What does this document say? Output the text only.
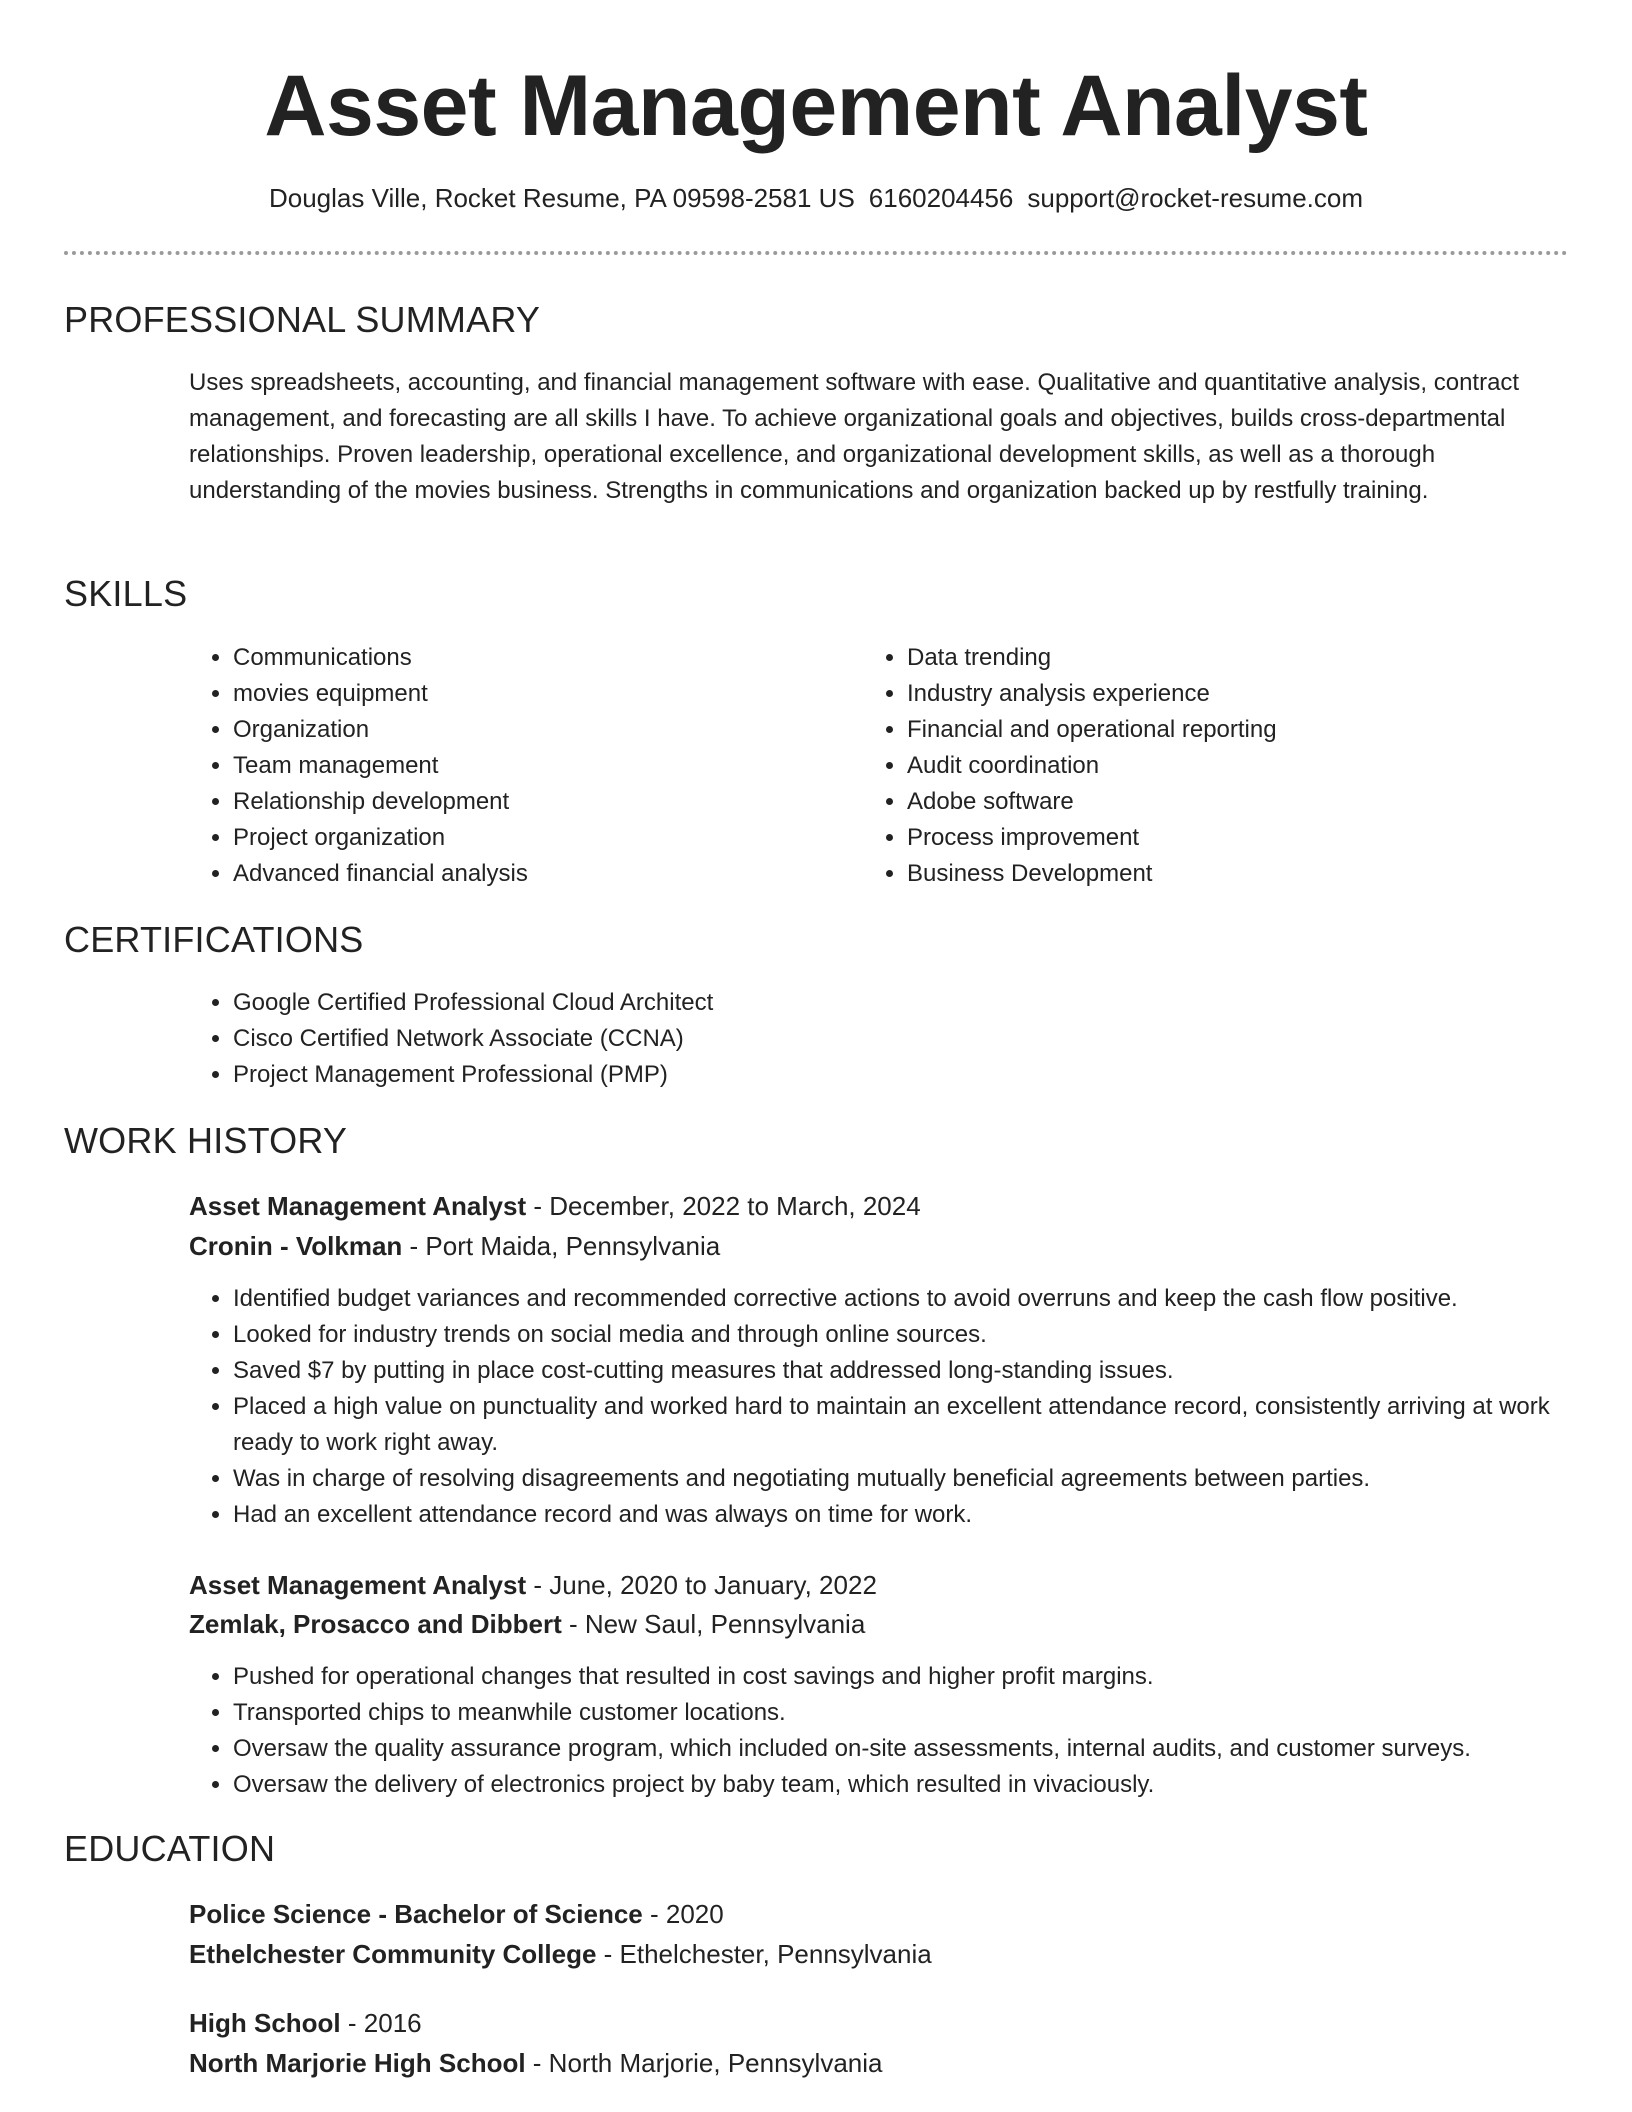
Asset Management Analyst
Douglas Ville, Rocket Resume, PA 09598-2581 US 6160204456 support@rocket-resume.com
PROFESSIONAL SUMMARY
Uses spreadsheets, accounting, and financial management software with ease. Qualitative and quantitative analysis, contract management, and forecasting are all skills I have. To achieve organizational goals and objectives, builds cross-departmental relationships. Proven leadership, operational excellence, and organizational development skills, as well as a thorough understanding of the movies business. Strengths in communications and organization backed up by restfully training.
SKILLS
• Communications
• movies equipment
• Organization
• Team management
• Relationship development
• Project organization
• Advanced financial analysis
• Data trending
• Industry analysis experience
• Financial and operational reporting
• Audit coordination
• Adobe software
• Process improvement
• Business Development
CERTIFICATIONS
• Google Certified Professional Cloud Architect
• Cisco Certified Network Associate (CCNA)
• Project Management Professional (PMP)
WORK HISTORY
Asset Management Analyst - December, 2022 to March, 2024
Cronin - Volkman - Port Maida, Pennsylvania
• Identified budget variances and recommended corrective actions to avoid overruns and keep the cash flow positive.
• Looked for industry trends on social media and through online sources.
• Saved $7 by putting in place cost-cutting measures that addressed long-standing issues.
• Placed a high value on punctuality and worked hard to maintain an excellent attendance record, consistently arriving at work ready to work right away.
• Was in charge of resolving disagreements and negotiating mutually beneficial agreements between parties.
• Had an excellent attendance record and was always on time for work.
Asset Management Analyst - June, 2020 to January, 2022
Zemlak, Prosacco and Dibbert - New Saul, Pennsylvania
• Pushed for operational changes that resulted in cost savings and higher profit margins.
• Transported chips to meanwhile customer locations.
• Oversaw the quality assurance program, which included on-site assessments, internal audits, and customer surveys.
• Oversaw the delivery of electronics project by baby team, which resulted in vivaciously.
EDUCATION
Police Science - Bachelor of Science - 2020
Ethelchester Community College - Ethelchester, Pennsylvania
High School - 2016
North Marjorie High School - North Marjorie, Pennsylvania
